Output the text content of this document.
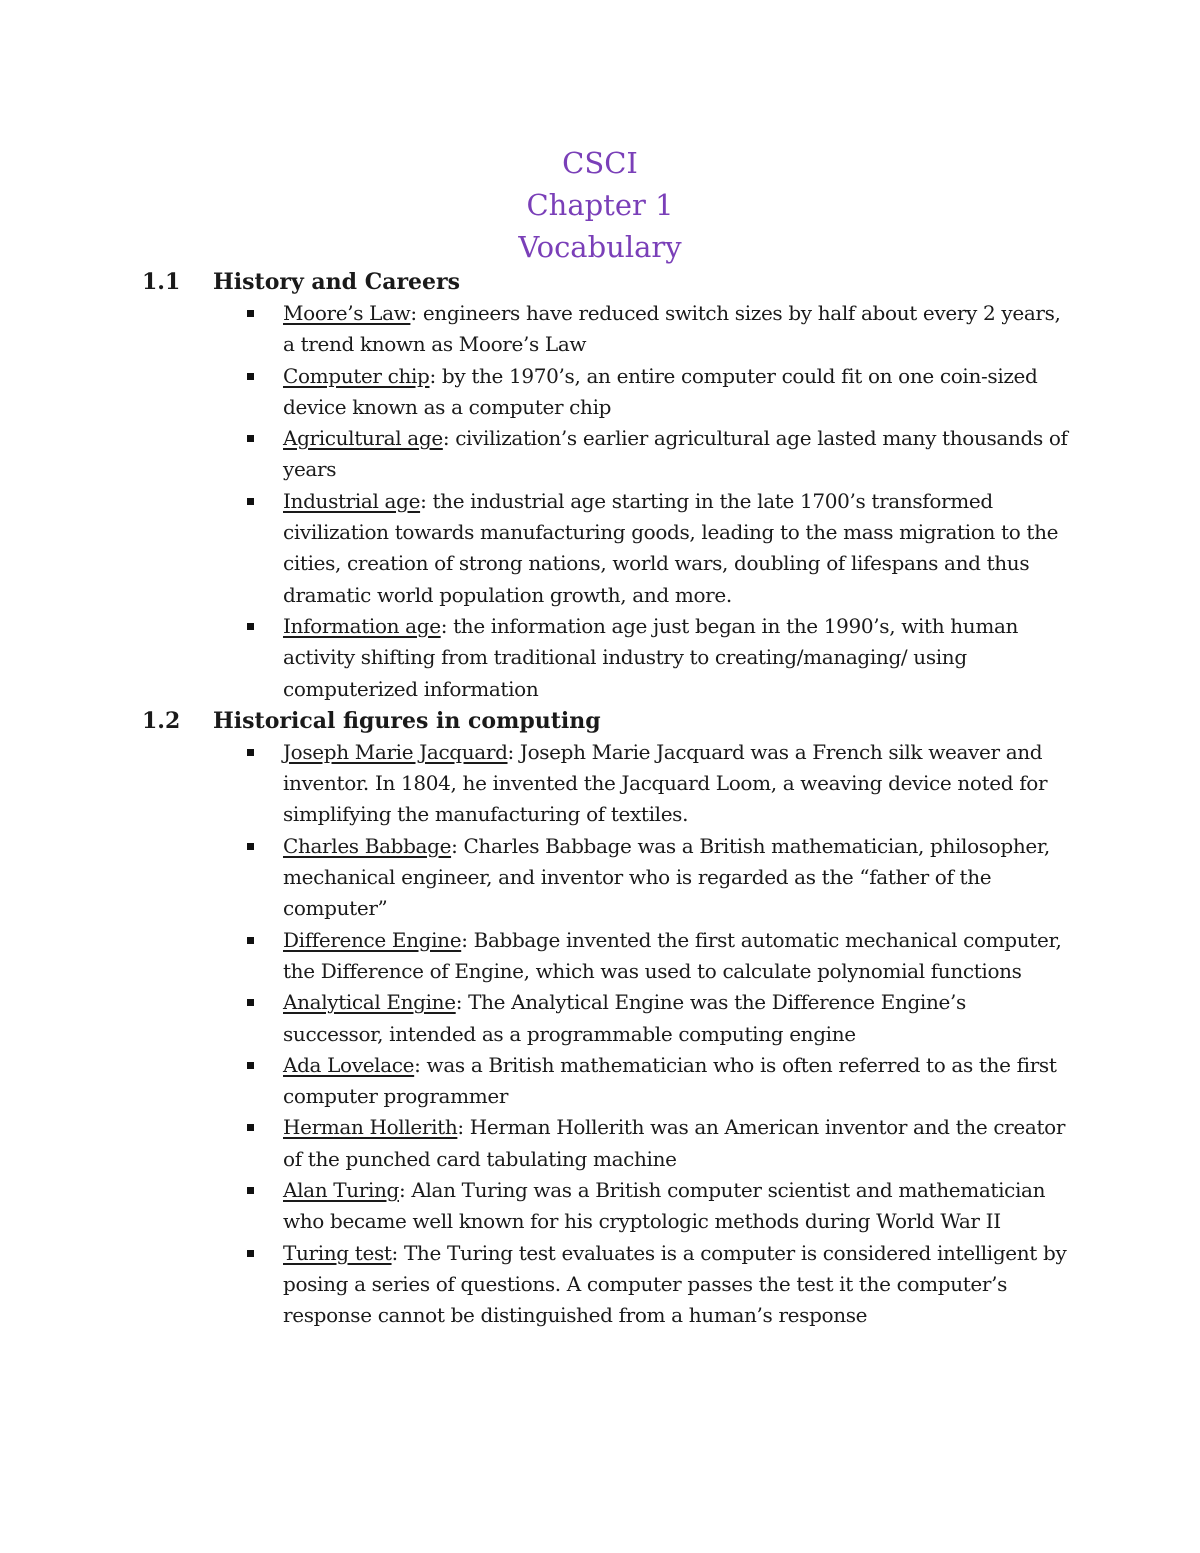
CSCI
Chapter 1
Vocabulary
1.1	History and Careers
Moore’s Law: engineers have reduced switch sizes by half about every 2 years, a trend known as Moore’s Law
Computer chip: by the 1970’s, an entire computer could fit on one coin-sized device known as a computer chip
Agricultural age: civilization’s earlier agricultural age lasted many thousands of years
Industrial age: the industrial age starting in the late 1700’s transformed civilization towards manufacturing goods, leading to the mass migration to the cities, creation of strong nations, world wars, doubling of lifespans and thus dramatic world population growth, and more.
Information age: the information age just began in the 1990’s, with human activity shifting from traditional industry to creating/managing/ using computerized information
1.2	Historical figures in computing
Joseph Marie Jacquard: Joseph Marie Jacquard was a French silk weaver and inventor. In 1804, he invented the Jacquard Loom, a weaving device noted for simplifying the manufacturing of textiles.
Charles Babbage: Charles Babbage was a British mathematician, philosopher, mechanical engineer, and inventor who is regarded as the “father of the computer”
Difference Engine: Babbage invented the first automatic mechanical computer, the Difference of Engine, which was used to calculate polynomial functions
Analytical Engine: The Analytical Engine was the Difference Engine’s successor, intended as a programmable computing engine
Ada Lovelace: was a British mathematician who is often referred to as the first computer programmer
Herman Hollerith: Herman Hollerith was an American inventor and the creator of the punched card tabulating machine
Alan Turing: Alan Turing was a British computer scientist and mathematician who became well known for his cryptologic methods during World War II
Turing test: The Turing test evaluates is a computer is considered intelligent by posing a series of questions. A computer passes the test it the computer’s response cannot be distinguished from a human’s response
